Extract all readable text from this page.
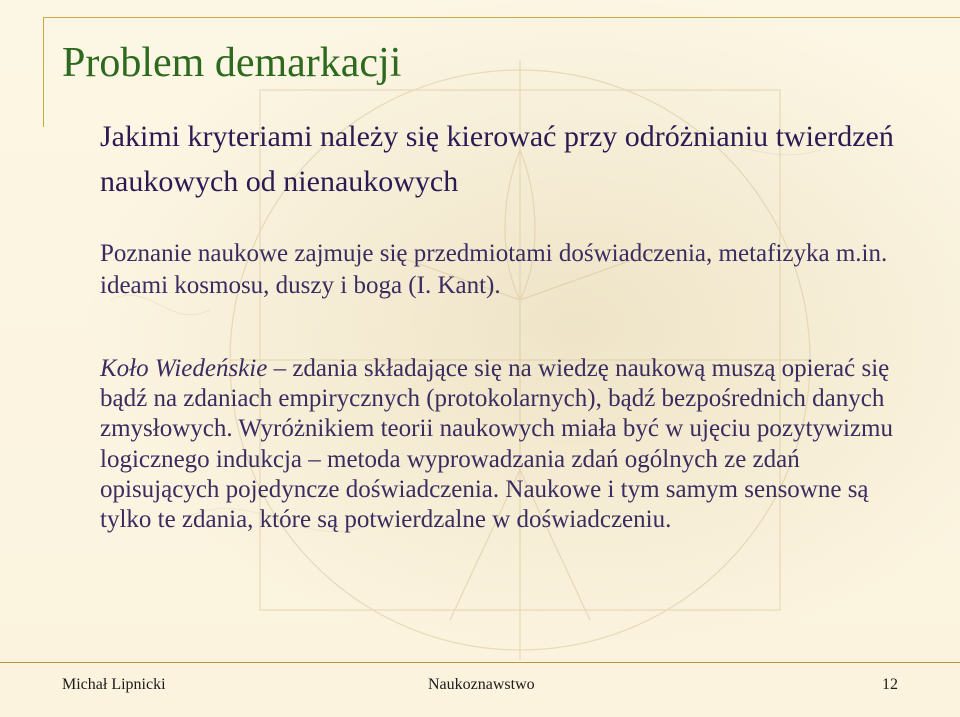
Problem demarkacji

Jakimi kryteriami należy się kierować przy odróżnianiu twierdzeń naukowych od nienaukowych

Poznanie naukowe zajmuje się przedmiotami doświadczenia, metafizyka m.in. ideami kosmosu, duszy i boga (I. Kant).

Koło Wiedeńskie – zdania składające się na wiedzę naukową muszą opierać się bądź na zdaniach empirycznych (protokolarnych), bądź bezpośrednich danych zmysłowych. Wyróżnikiem teorii naukowych miała być w ujęciu pozytywizmu logicznego indukcja – metoda wyprowadzania zdań ogólnych ze zdań opisujących pojedyncze doświadczenia. Naukowe i tym samym sensowne są tylko te zdania, które są potwierdzalne w doświadczeniu.

Michał Lipnicki	Naukoznawstwo	12
